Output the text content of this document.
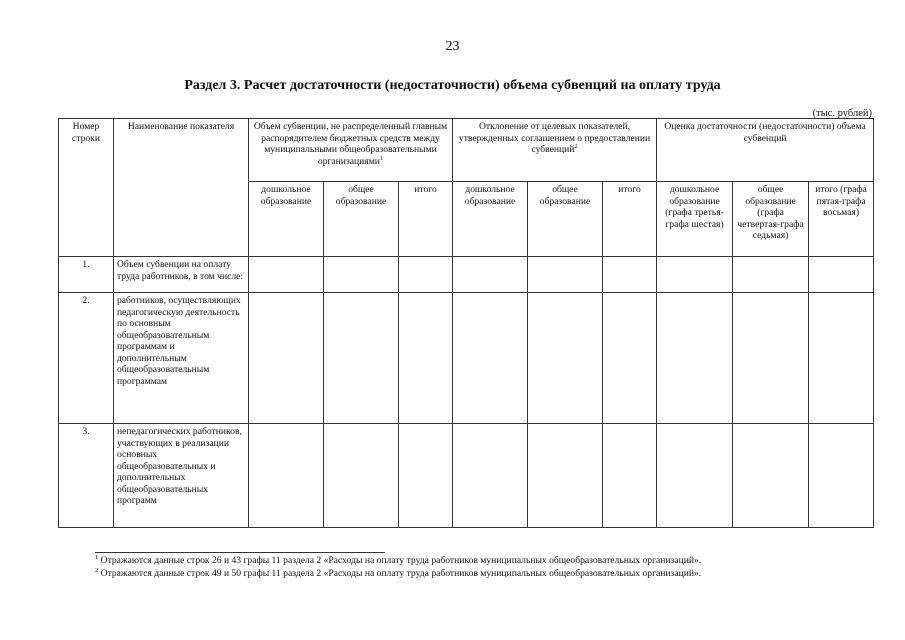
23
Раздел 3. Расчет достаточности (недостаточности) объема субвенций на оплату труда
(тыс. рублей)
Номер строки	Наименование показателя	Объем субвенции, не распределенный главным распорядителем бюджетных средств между муниципальными общеобразовательными организациями$^1$			Отклонение от целевых показателей, утвержденных соглашением о предоставлении субвенций$^2$			Оценка достаточности (недостаточности) объема субвенций		
		дошкольное образование	общее образование	итого	дошкольное образование	общее образование	итого	дошкольное образование (графа третья-графа шестая)	общее образование (графа четвертая-графа седьмая)	итого (графа пятая-графа восьмая)
1.	Объем субвенции на оплату труда работников, в том числе:									
2.	работников, осуществляющих педагогическую деятельность по основным общеобразовательным программам и дополнительным общеобразовательным программам									
3.	непедагогических работников, участвующих в реализации основных общеобразовательных и дополнительных общеобразовательных программ									
$^1$ Отражаются данные строк 26 и 43 графы 11 раздела 2 «Расходы на оплату труда работников муниципальных общеобразовательных организаций».
$^2$ Отражаются данные строк 49 и 50 графы 11 раздела 2 «Расходы на оплату труда работников муниципальных общеобразовательных организаций».
